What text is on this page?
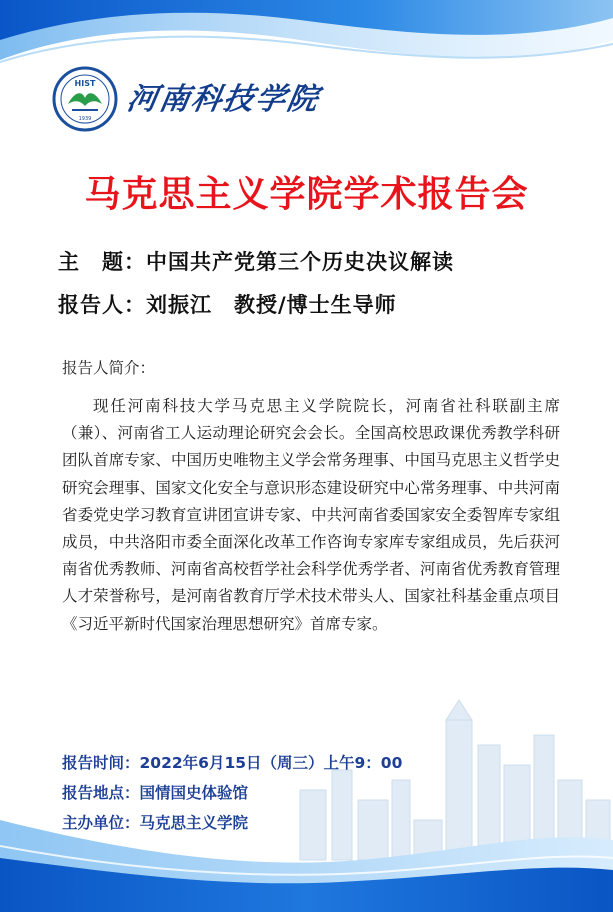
HIST
1939
河南科技学院
马克思主义学院学术报告会
主　题：中国共产党第三个历史决议解读
报告人：刘振江　教授/博士生导师
报告人简介：

现任河南科技大学马克思主义学院院长，河南省社科联副主席（兼）、河南省工人运动理论研究会会长。全国高校思政课优秀教学科研团队首席专家、中国历史唯物主义学会常务理事、中国马克思主义哲学史研究会理事、国家文化安全与意识形态建设研究中心常务理事、中共河南省委党史学习教育宣讲团宣讲专家、中共河南省委国家安全委智库专家组成员，中共洛阳市委全面深化改革工作咨询专家库专家组成员，先后获河南省优秀教师、河南省高校哲学社会科学优秀学者、河南省优秀教育管理人才荣誉称号，是河南省教育厅学术技术带头人、国家社科基金重点项目《习近平新时代国家治理思想研究》首席专家。

报告时间：2022年6月15日（周三）上午9：00
报告地点：国情国史体验馆
主办单位：马克思主义学院
